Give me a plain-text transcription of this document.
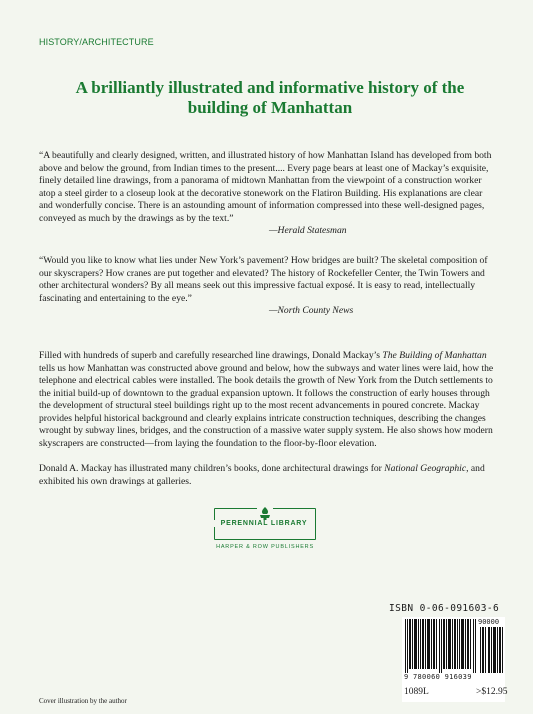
HISTORY/ARCHITECTURE
A brilliantly illustrated and informative history of the building of Manhattan

“A beautifully and clearly designed, written, and illustrated history of how Manhattan Island has developed from both above and below the ground, from Indian times to the present.... Every page bears at least one of Mackay’s exquisite, finely detailed line drawings, from a panorama of midtown Manhattan from the viewpoint of a construction worker atop a steel girder to a closeup look at the decorative stonework on the Flatiron Building. His explanations are clear and wonderfully concise. There is an astounding amount of information compressed into these well-designed pages, conveyed as much by the drawings as by the text.”
—Herald Statesman

“Would you like to know what lies under New York’s pavement? How bridges are built? The skeletal composition of our skyscrapers? How cranes are put together and elevated? The history of Rockefeller Center, the Twin Towers and other architectural wonders? By all means seek out this impressive factual exposé. It is easy to read, intellectually fascinating and entertaining to the eye.”
—North County News

Filled with hundreds of superb and carefully researched line drawings, Donald Mackay’s The Building of Manhattan tells us how Manhattan was constructed above ground and below, how the subways and water lines were laid, how the telephone and electrical cables were installed. The book details the growth of New York from the Dutch settlements to the initial build-up of downtown to the gradual expansion uptown. It follows the construction of early houses through the development of structural steel buildings right up to the most recent advancements in poured concrete. Mackay provides helpful historical background and clearly explains intricate construction techniques, describing the changes wrought by subway lines, bridges, and the construction of a massive water supply system. He also shows how modern skyscrapers are constructed—from laying the foundation to the floor-by-floor elevation.

Donald A. Mackay has illustrated many children’s books, done architectural drawings for National Geographic, and exhibited his own drawings at galleries.

PERENNIAL LIBRARY
HARPER & ROW PUBLISHERS
ISBN 0-06-091603-6
90000
9 780060 916039
1089L	>$12.95
Cover illustration by the author
